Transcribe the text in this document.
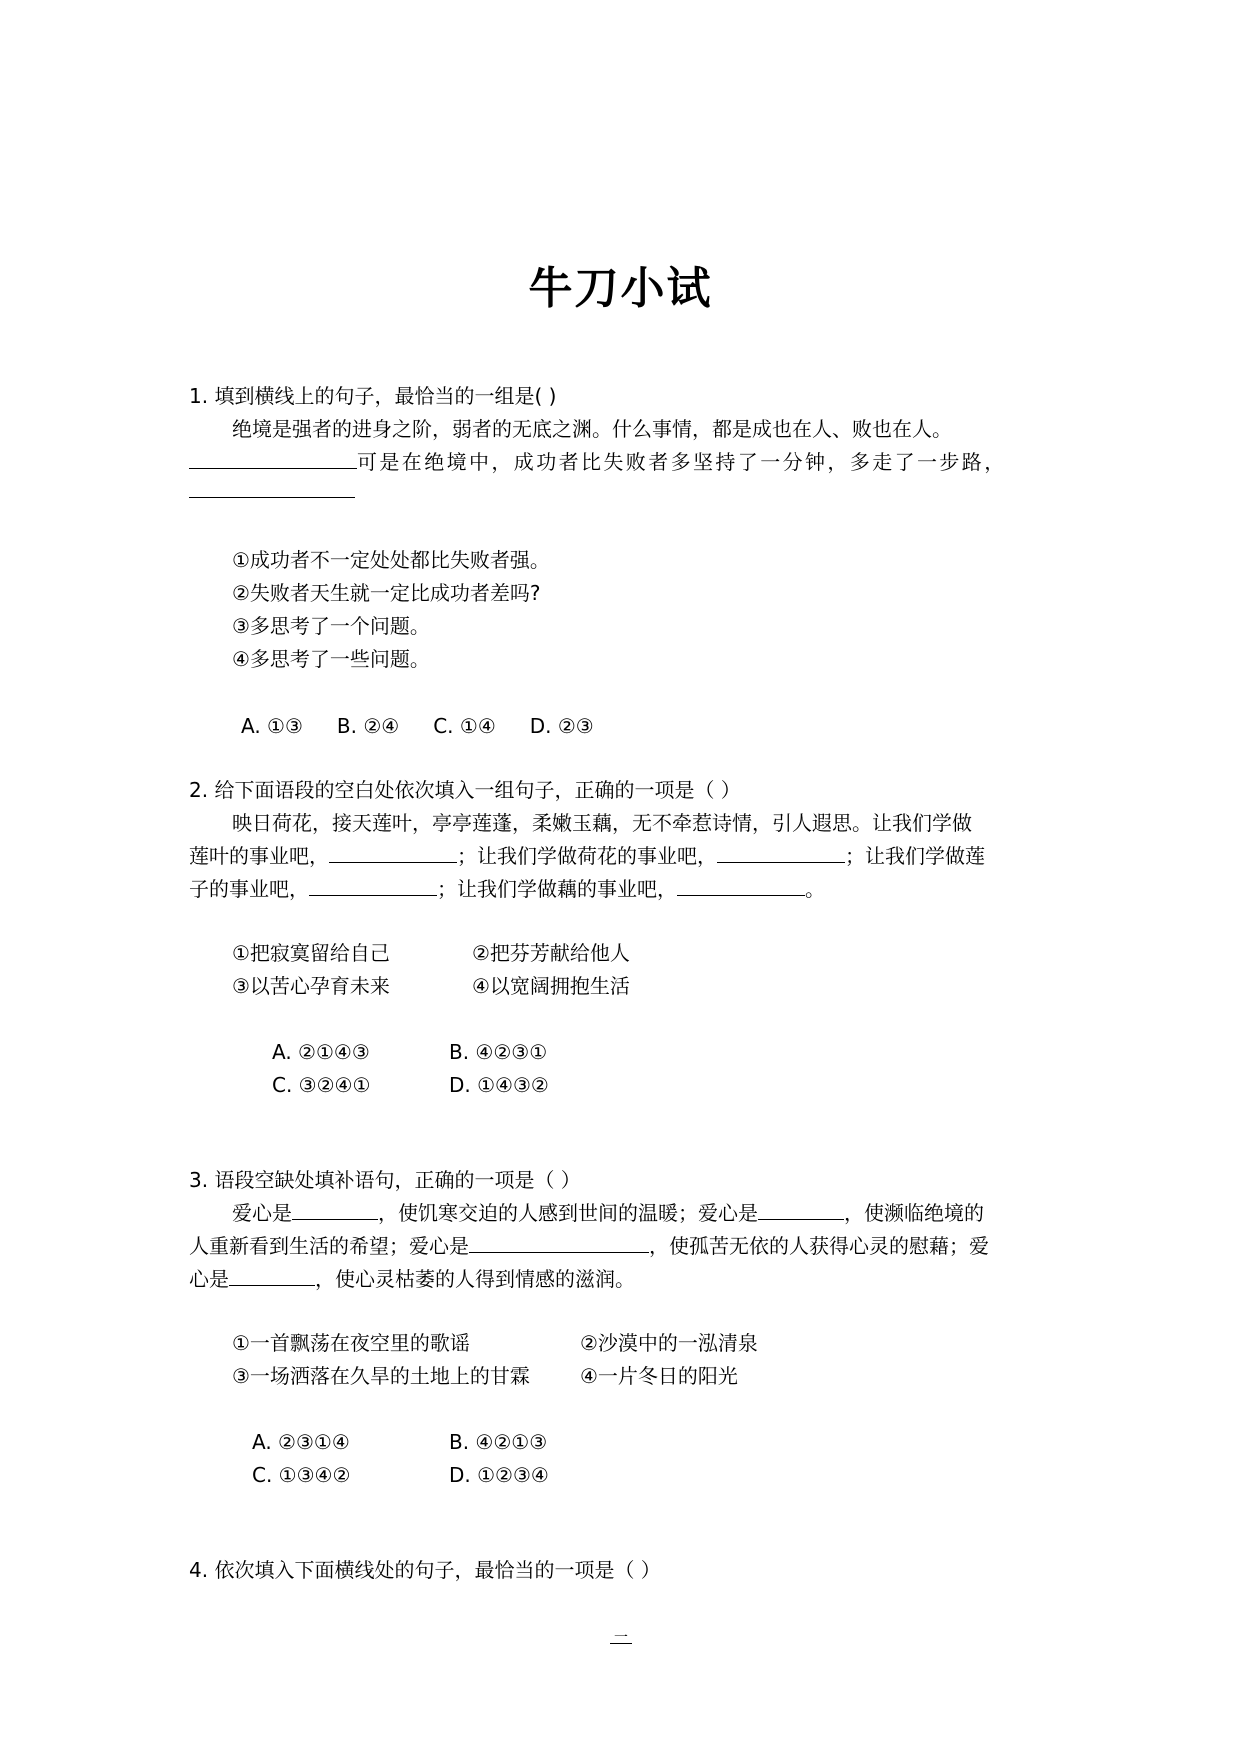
牛刀小试
1. 填到横线上的句子，最恰当的一组是( )
绝境是强者的进身之阶，弱者的无底之渊。什么事情，都是成也在人、败也在人。
可是在绝境中，成功者比失败者多坚持了一分钟，多走了一步路，
①成功者不一定处处都比失败者强。
②失败者天生就一定比成功者差吗?
③多思考了一个问题。
④多思考了一些问题。
A. ①③ B. ②④ C. ①④ D. ②③
2. 给下面语段的空白处依次填入一组句子，正确的一项是（ ）
映日荷花，接天莲叶，亭亭莲蓬，柔嫩玉藕，无不牵惹诗情，引人遐思。让我们学做
莲叶的事业吧，	；让我们学做荷花的事业吧，	；让我们学做莲
子的事业吧，	；让我们学做藕的事业吧，	。
①把寂寞留给自己	②把芬芳献给他人
③以苦心孕育未来	④以宽阔拥抱生活
A. ②①④③	B. ④②③①
C. ③②④①	D. ①④③②
3. 语段空缺处填补语句，正确的一项是（ ）
爱心是	，使饥寒交迫的人感到世间的温暖；爱心是	，使濒临绝境的
人重新看到生活的希望；爱心是	，使孤苦无依的人获得心灵的慰藉；爱
心是	，使心灵枯萎的人得到情感的滋润。
①一首飘荡在夜空里的歌谣	②沙漠中的一泓清泉
③一场洒落在久旱的土地上的甘霖	④一片冬日的阳光
A. ②③①④	B. ④②①③
C. ①③④②	D. ①②③④
4. 依次填入下面横线处的句子，最恰当的一项是（ ）
一
